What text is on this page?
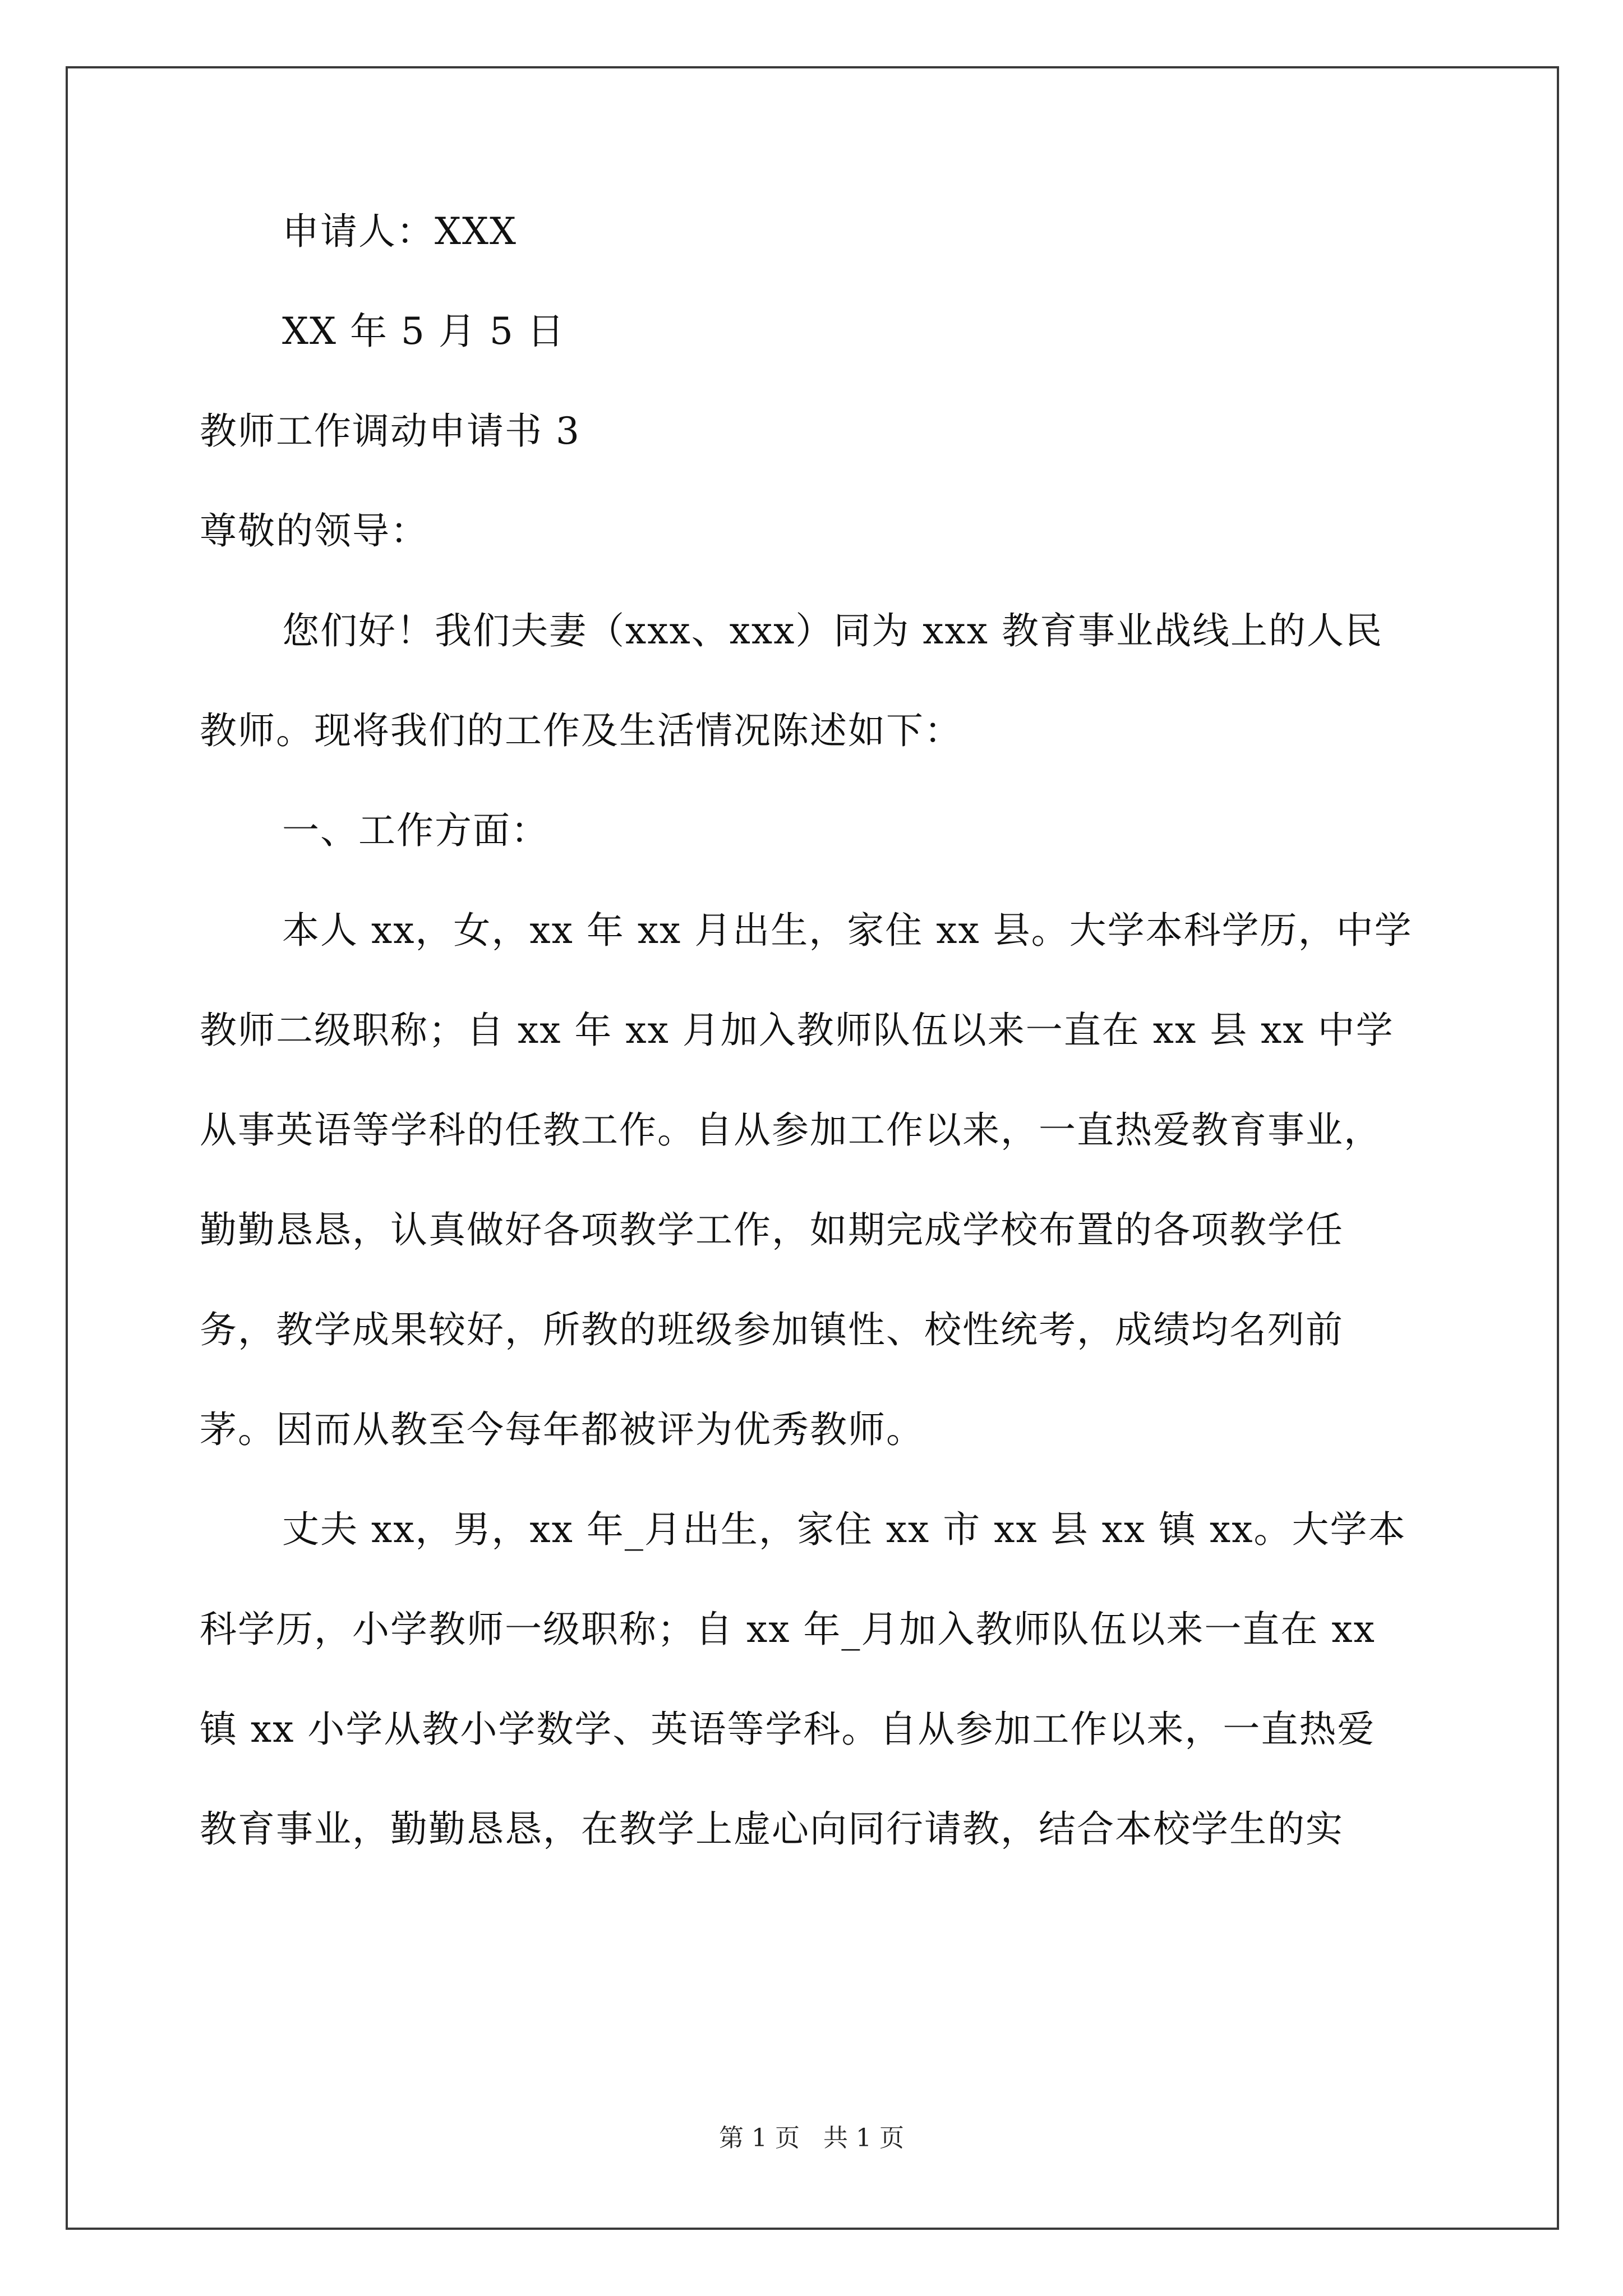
申请人：XXX
XX 年 5 月 5 日
教师工作调动申请书 3
尊敬的领导：
您们好！我们夫妻（xxx、xxx）同为 xxx 教育事业战线上的人民
教师。现将我们的工作及生活情况陈述如下：
一、工作方面：
本人 xx，女，xx 年 xx 月出生，家住 xx 县。大学本科学历，中学
教师二级职称；自 xx 年 xx 月加入教师队伍以来一直在 xx 县 xx 中学
从事英语等学科的任教工作。自从参加工作以来，一直热爱教育事业，
勤勤恳恳，认真做好各项教学工作，如期完成学校布置的各项教学任
务，教学成果较好，所教的班级参加镇性、校性统考，成绩均名列前
茅。因而从教至今每年都被评为优秀教师。
丈夫 xx，男，xx 年_月出生，家住 xx 市 xx 县 xx 镇 xx。大学本
科学历，小学教师一级职称；自 xx 年_月加入教师队伍以来一直在 xx
镇 xx 小学从教小学数学、英语等学科。自从参加工作以来，一直热爱
教育事业，勤勤恳恳，在教学上虚心向同行请教，结合本校学生的实
第 1 页   共 1 页
